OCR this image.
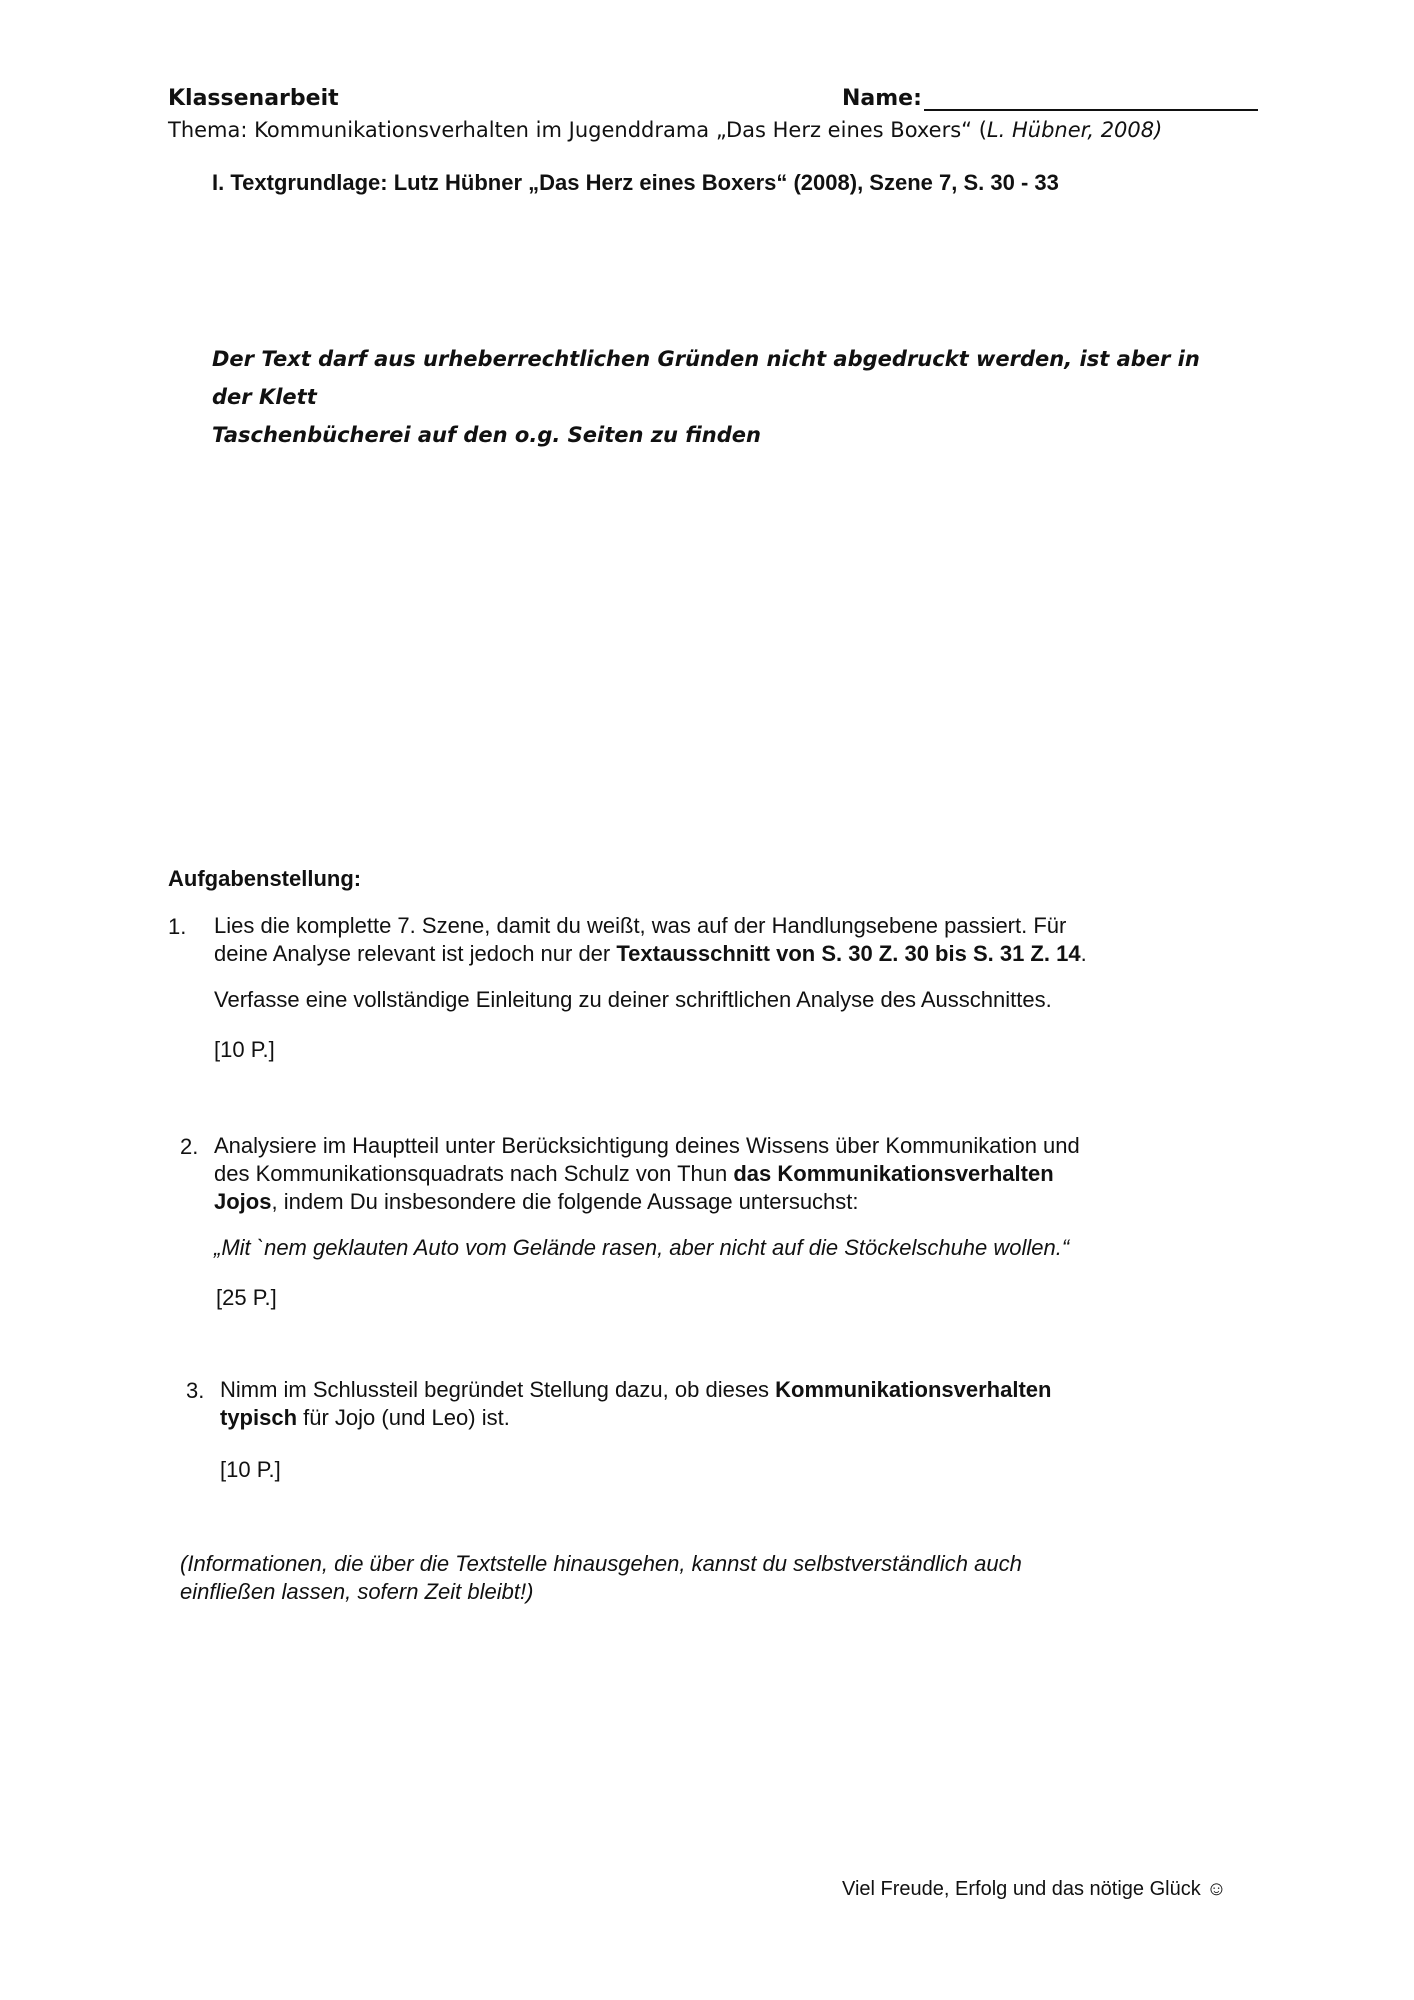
Klassenarbeit	Name:
Thema: Kommunikationsverhalten im Jugenddrama „Das Herz eines Boxers“ (L. Hübner, 2008)
I. Textgrundlage: Lutz Hübner „Das Herz eines Boxers“ (2008), Szene 7, S. 30 - 33
Der Text darf aus urheberrechtlichen Gründen nicht abgedruckt werden, ist aber in der Klett
Taschenbücherei auf den o.g. Seiten zu finden
Aufgabenstellung:
1. Lies die komplette 7. Szene, damit du weißt, was auf der Handlungsebene passiert. Für
deine Analyse relevant ist jedoch nur der Textausschnitt von S. 30 Z. 30 bis S. 31 Z. 14.
Verfasse eine vollständige Einleitung zu deiner schriftlichen Analyse des Ausschnittes.
[10 P.]
2. Analysiere im Hauptteil unter Berücksichtigung deines Wissens über Kommunikation und
des Kommunikationsquadrats nach Schulz von Thun das Kommunikationsverhalten
Jojos, indem Du insbesondere die folgende Aussage untersuchst:
„Mit `nem geklauten Auto vom Gelände rasen, aber nicht auf die Stöckelschuhe wollen.“
[25 P.]
3. Nimm im Schlussteil begründet Stellung dazu, ob dieses Kommunikationsverhalten
typisch für Jojo (und Leo) ist.
[10 P.]
(Informationen, die über die Textstelle hinausgehen, kannst du selbstverständlich auch
einfließen lassen, sofern Zeit bleibt!)
Viel Freude, Erfolg und das nötige Glück ☺
